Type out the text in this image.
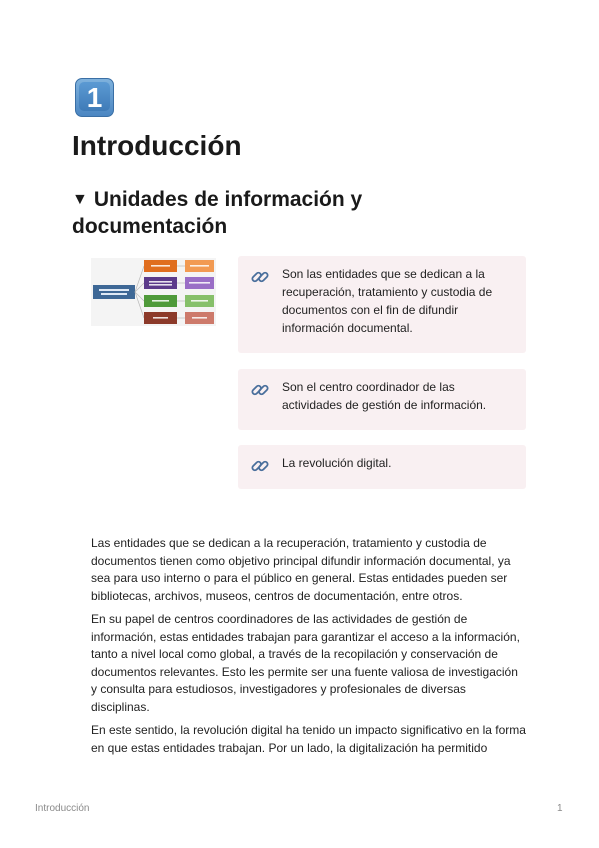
1
Introducción
▼ Unidades de información y documentación
Son las entidades que se dedican a la recuperación, tratamiento y custodia de documentos con el fin de difundir información documental.
Son el centro coordinador de las actividades de gestión de información.
La revolución digital.

Las entidades que se dedican a la recuperación, tratamiento y custodia de documentos tienen como objetivo principal difundir información documental, ya sea para uso interno o para el público en general. Estas entidades pueden ser bibliotecas, archivos, museos, centros de documentación, entre otros.

En su papel de centros coordinadores de las actividades de gestión de información, estas entidades trabajan para garantizar el acceso a la información, tanto a nivel local como global, a través de la recopilación y conservación de documentos relevantes. Esto les permite ser una fuente valiosa de investigación y consulta para estudiosos, investigadores y profesionales de diversas disciplinas.

En este sentido, la revolución digital ha tenido un impacto significativo en la forma en que estas entidades trabajan. Por un lado, la digitalización ha permitido

Introducción	1
